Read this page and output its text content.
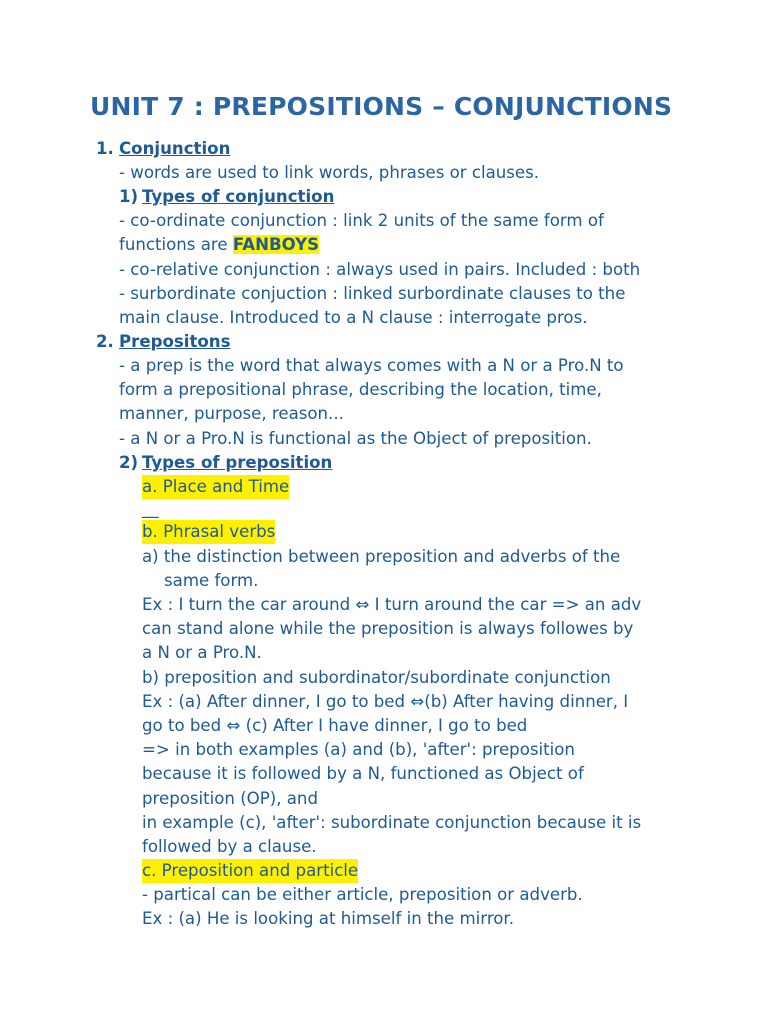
UNIT 7 : PREPOSITIONS – CONJUNCTIONS
1. Conjunction
- words are used to link words, phrases or clauses.
1) Types of conjunction
- co-ordinate conjunction : link 2 units of the same form of
functions are FANBOYS
- co-relative conjunction : always used in pairs. Included : both
- surbordinate conjuction : linked surbordinate clauses to the
main clause. Introduced to a N clause : interrogate pros.
2. Prepositons
- a prep is the word that always comes with a N or a Pro.N to
form a prepositional phrase, describing the location, time,
manner, purpose, reason...
- a N or a Pro.N is functional as the Object of preposition.
2) Types of preposition
a. Place and Time
__
b. Phrasal verbs
a) the distinction between preposition and adverbs of the
same form.
Ex : I turn the car around ⇔ I turn around the car => an adv
can stand alone while the preposition is always followes by
a N or a Pro.N.
b) preposition and subordinator/subordinate conjunction
Ex : (a) After dinner, I go to bed ⇔(b) After having dinner, I
go to bed ⇔ (c) After I have dinner, I go to bed
=> in both examples (a) and (b), 'after': preposition
because it is followed by a N, functioned as Object of
preposition (OP), and
in example (c), 'after': subordinate conjunction because it is
followed by a clause.
c. Preposition and particle
- partical can be either article, preposition or adverb.
Ex : (a) He is looking at himself in the mirror.
